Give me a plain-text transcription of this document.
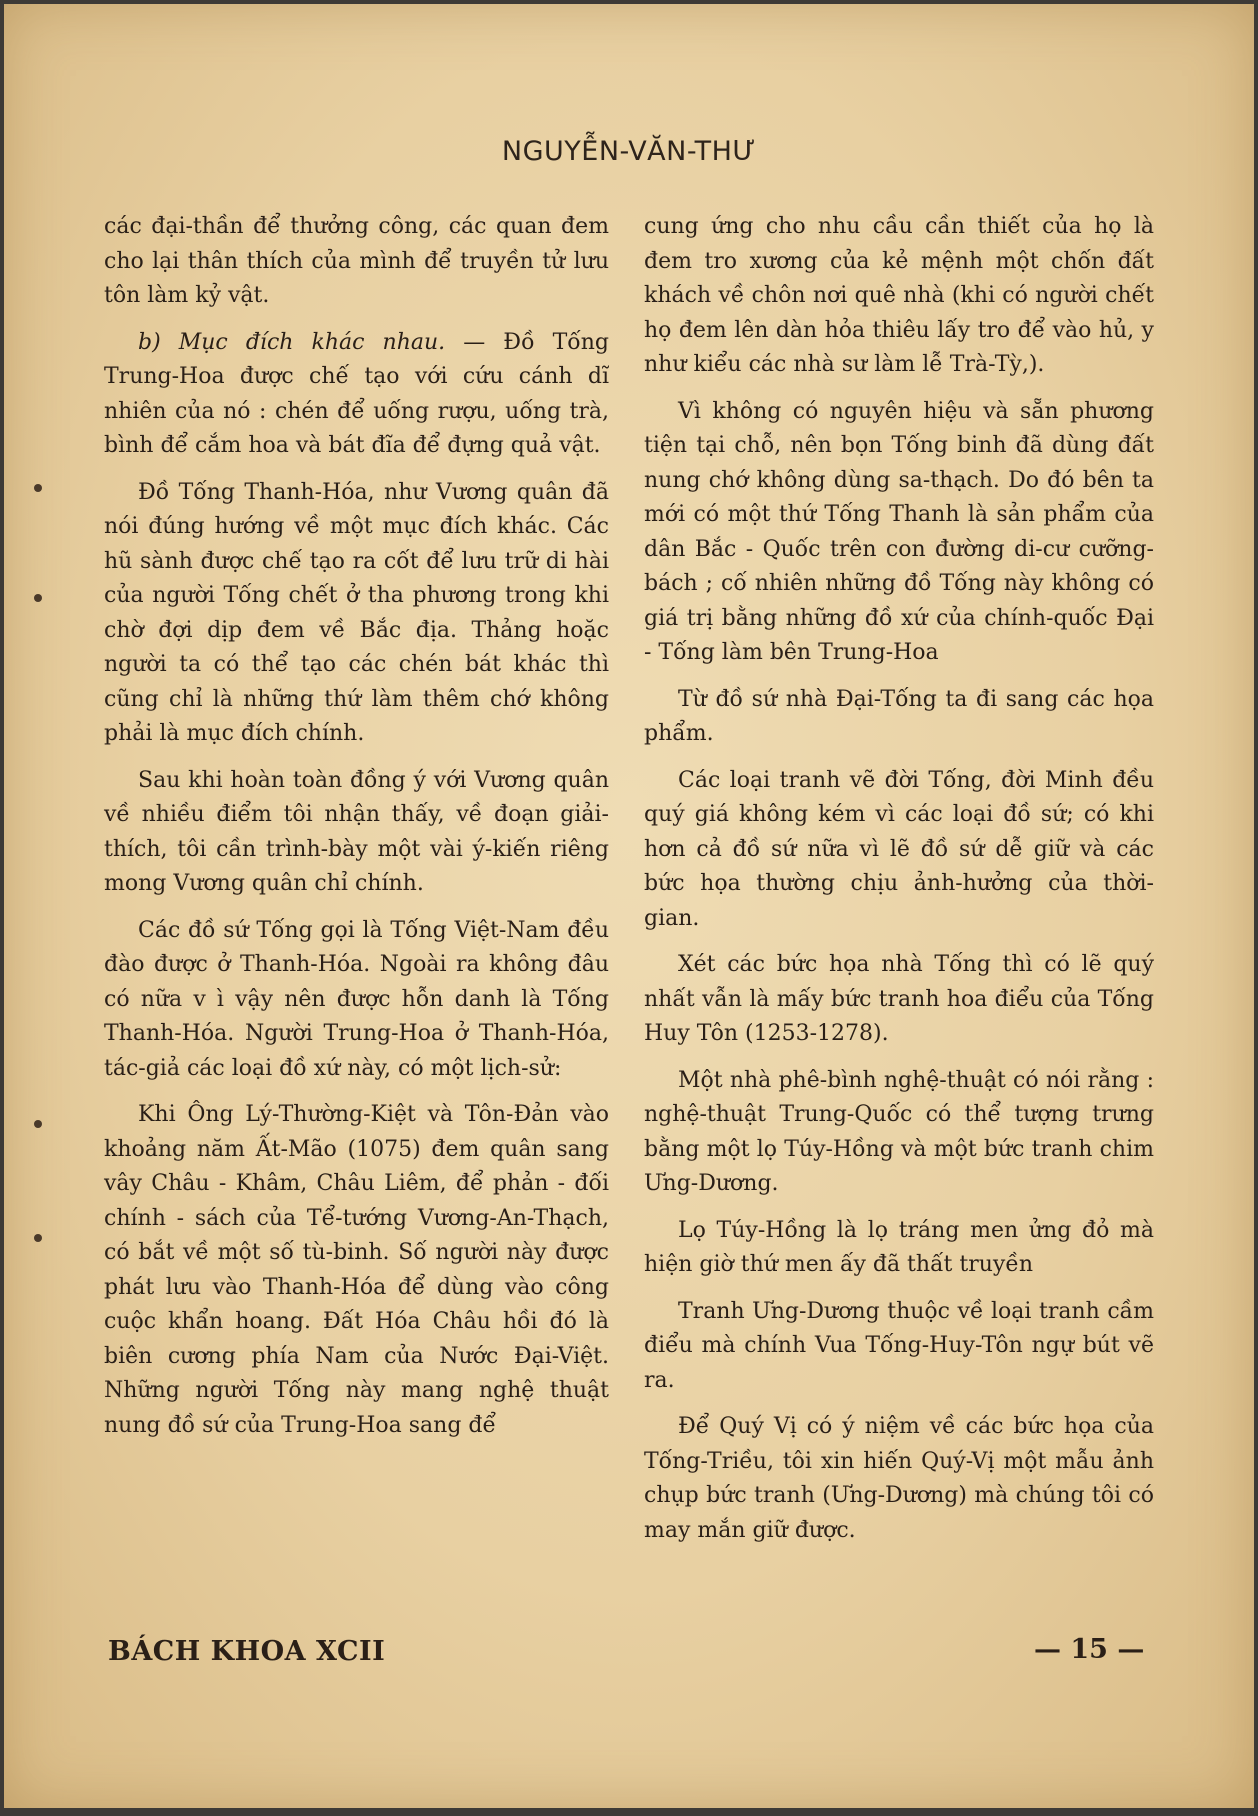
NGUYỄN-VĂN-THƯ

các đại-thần để thưởng công, các quan đem cho lại thân thích của mình để truyền tử lưu tôn làm kỷ vật.

b) Mục đích khác nhau. — Đồ Tống Trung-Hoa được chế tạo với cứu cánh dĩ nhiên của nó : chén để uống rượu, uống trà, bình để cắm hoa và bát đĩa để đựng quả vật.

Đồ Tống Thanh-Hóa, như Vương quân đã nói đúng hướng về một mục đích khác. Các hũ sành được chế tạo ra cốt để lưu trữ di hài của người Tống chết ở tha phương trong khi chờ đợi dịp đem về Bắc địa. Thảng hoặc người ta có thể tạo các chén bát khác thì cũng chỉ là những thứ làm thêm chớ không phải là mục đích chính.

Sau khi hoàn toàn đồng ý với Vương quân về nhiều điểm tôi nhận thấy, về đoạn giải-thích, tôi cần trình-bày một vài ý-kiến riêng mong Vương quân chỉ chính.

Các đồ sứ Tống gọi là Tống Việt-Nam đều đào được ở Thanh-Hóa. Ngoài ra không đâu có nữa v ì vậy nên được hỗn danh là Tống Thanh-Hóa. Người Trung-Hoa ở Thanh-Hóa, tác-giả các loại đồ xứ này, có một lịch-sử:

Khi Ông Lý-Thường-Kiệt và Tôn-Đản vào khoảng năm Ất-Mão (1075) đem quân sang vây Châu - Khâm, Châu Liêm, để phản - đối chính - sách của Tể-tướng Vương-An-Thạch, có bắt về một số tù-binh. Số người này được phát lưu vào Thanh-Hóa để dùng vào công cuộc khẩn hoang. Đất Hóa Châu hồi đó là biên cương phía Nam của Nước Đại-Việt. Những người Tống này mang nghệ thuật nung đồ sứ của Trung-Hoa sang để

cung ứng cho nhu cầu cần thiết của họ là đem tro xương của kẻ mệnh một chốn đất khách về chôn nơi quê nhà (khi có người chết họ đem lên dàn hỏa thiêu lấy tro để vào hủ, y như kiểu các nhà sư làm lễ Trà-Tỳ,).

Vì không có nguyên hiệu và sẵn phương tiện tại chỗ, nên bọn Tống binh đã dùng đất nung chớ không dùng sa-thạch. Do đó bên ta mới có một thứ Tống Thanh là sản phẩm của dân Bắc - Quốc trên con đường di-cư cưỡng-bách ; cố nhiên những đồ Tống này không có giá trị bằng những đồ xứ của chính-quốc Đại - Tống làm bên Trung-Hoa

Từ đồ sứ nhà Đại-Tống ta đi sang các họa phẩm.

Các loại tranh vẽ đời Tống, đời Minh đều quý giá không kém vì các loại đồ sứ; có khi hơn cả đồ sứ nữa vì lẽ đồ sứ dễ giữ và các bức họa thường chịu ảnh-hưởng của thời-gian.

Xét các bức họa nhà Tống thì có lẽ quý nhất vẫn là mấy bức tranh hoa điểu của Tống Huy Tôn (1253-1278).

Một nhà phê-bình nghệ-thuật có nói rằng : nghệ-thuật Trung-Quốc có thể tượng trưng bằng một lọ Túy-Hồng và một bức tranh chim Ưng-Dương.

Lọ Túy-Hồng là lọ tráng men ửng đỏ mà hiện giờ thứ men ấy đã thất truyền

Tranh Ưng-Dương thuộc về loại tranh cầm điểu mà chính Vua Tống-Huy-Tôn ngự bút vẽ ra.

Để Quý Vị có ý niệm về các bức họa của Tống-Triều, tôi xin hiến Quý-Vị một mẫu ảnh chụp bức tranh (Ưng-Dương) mà chúng tôi có may mắn giữ được.

BÁCH KHOA XCII	— 15 —
